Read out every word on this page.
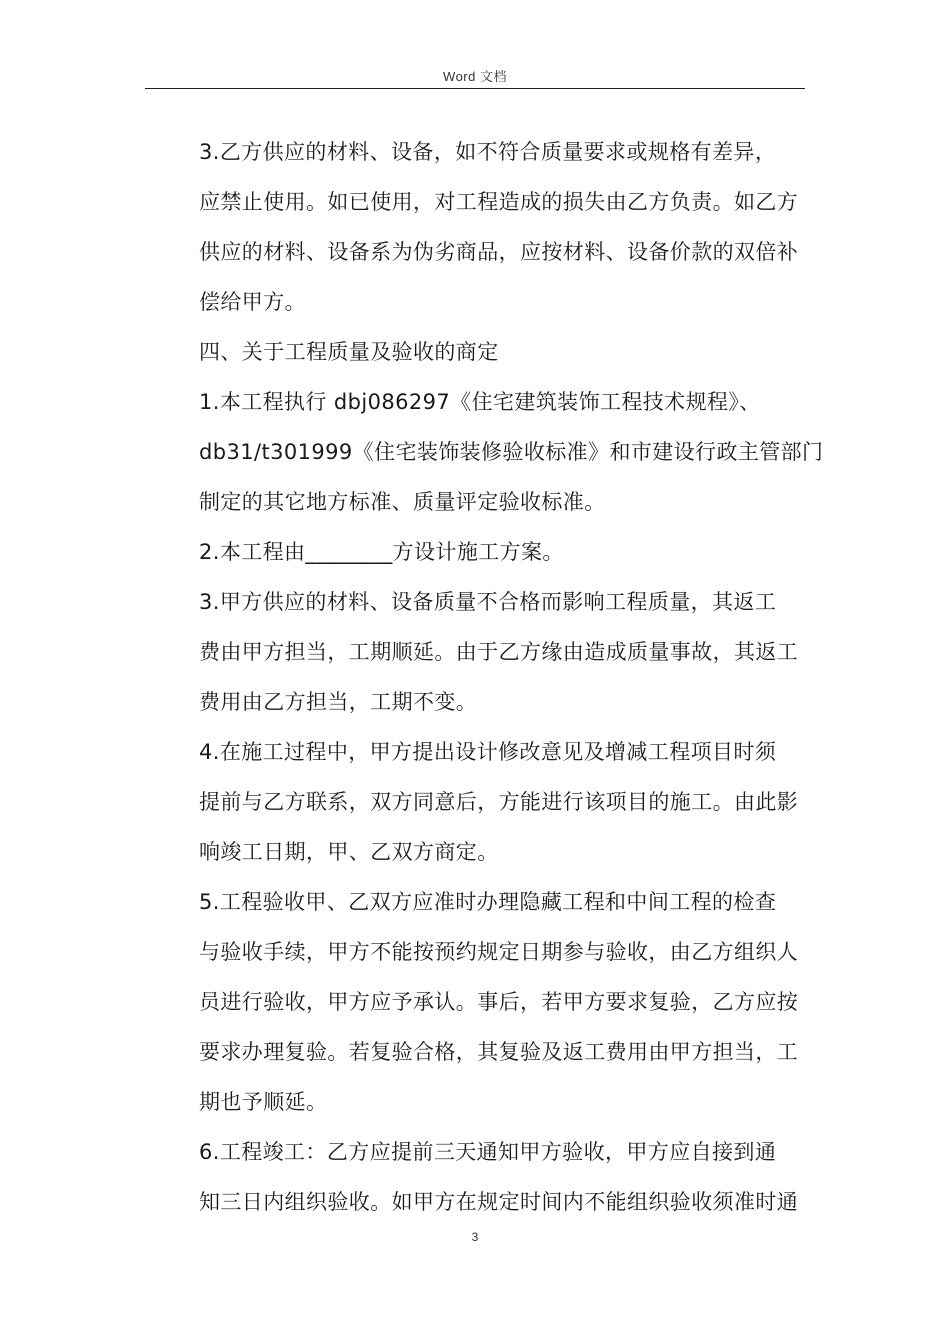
Word 文档

3.乙方供应的材料、设备，如不符合质量要求或规格有差异，
应禁止使用。如已使用，对工程造成的损失由乙方负责。如乙方
供应的材料、设备系为伪劣商品，应按材料、设备价款的双倍补
偿给甲方。

四、关于工程质量及验收的商定

1.本工程执行 dbj086297《住宅建筑装饰工程技术规程》、
db31/t301999《住宅装饰装修验收标准》和市建设行政主管部门
制定的其它地方标准、质量评定验收标准。

2.本工程由________方设计施工方案。

3.甲方供应的材料、设备质量不合格而影响工程质量，其返工
费由甲方担当，工期顺延。由于乙方缘由造成质量事故，其返工
费用由乙方担当，工期不变。

4.在施工过程中，甲方提出设计修改意见及增减工程项目时须
提前与乙方联系，双方同意后，方能进行该项目的施工。由此影
响竣工日期，甲、乙双方商定。

5.工程验收甲、乙双方应准时办理隐藏工程和中间工程的检查
与验收手续，甲方不能按预约规定日期参与验收，由乙方组织人
员进行验收，甲方应予承认。事后，若甲方要求复验，乙方应按
要求办理复验。若复验合格，其复验及返工费用由甲方担当，工
期也予顺延。

6.工程竣工：乙方应提前三天通知甲方验收，甲方应自接到通
知三日内组织验收。如甲方在规定时间内不能组织验收须准时通

3
